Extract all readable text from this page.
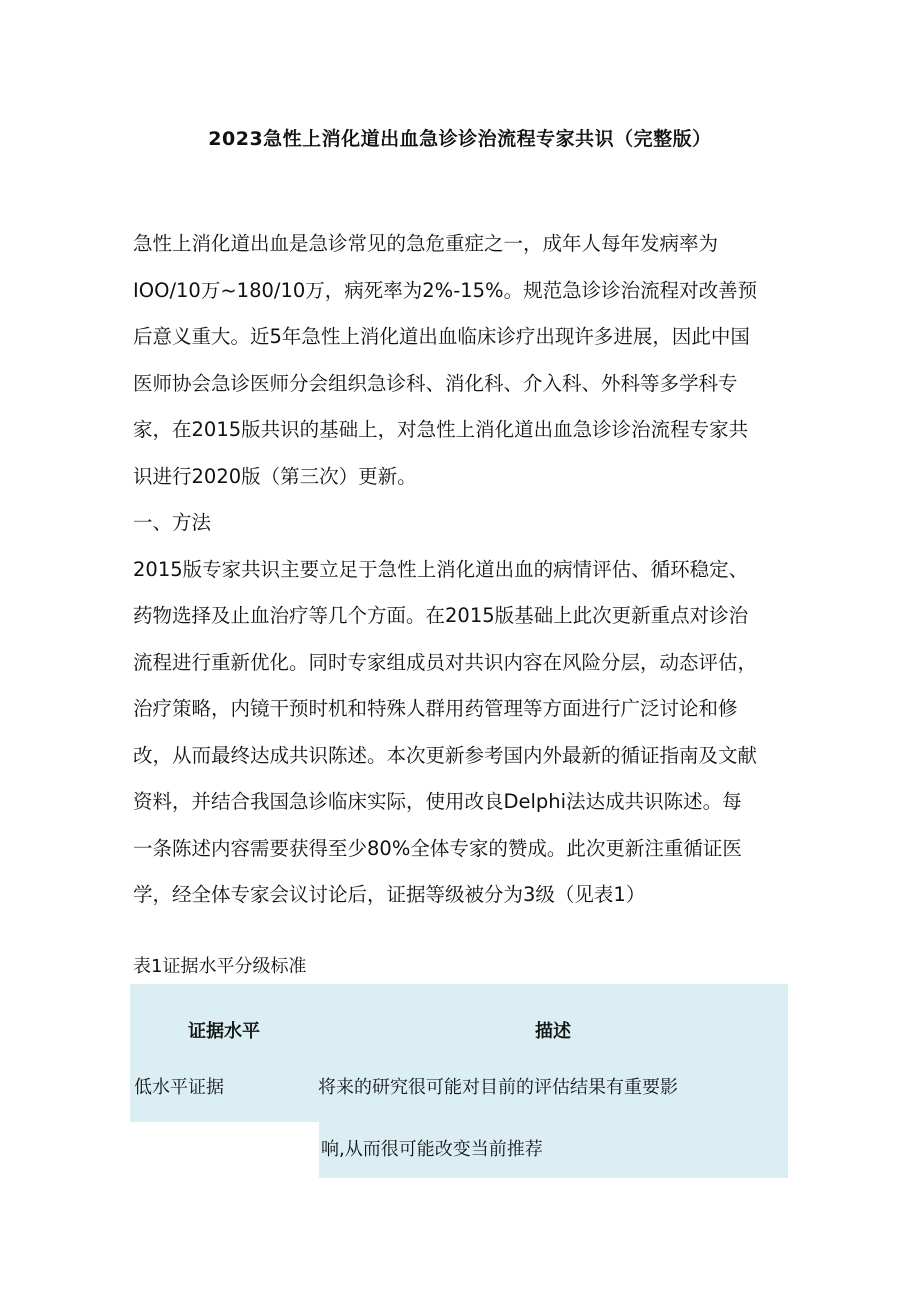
2023急性上消化道出血急诊诊治流程专家共识（完整版）
急性上消化道出血是急诊常见的急危重症之一，成年人每年发病率为
IOO/10万~180/10万，病死率为2%-15%。规范急诊诊治流程对改善预
后意义重大。近5年急性上消化道出血临床诊疗出现许多进展，因此中国
医师协会急诊医师分会组织急诊科、消化科、介入科、外科等多学科专
家，在2015版共识的基础上，对急性上消化道出血急诊诊治流程专家共
识进行2020版（第三次）更新。
一、方法
2015版专家共识主要立足于急性上消化道出血的病情评估、循环稳定、
药物选择及止血治疗等几个方面。在2015版基础上此次更新重点对诊治
流程进行重新优化。同时专家组成员对共识内容在风险分层，动态评估，
治疗策略，内镜干预时机和特殊人群用药管理等方面进行广泛讨论和修
改，从而最终达成共识陈述。本次更新参考国内外最新的循证指南及文献
资料，并结合我国急诊临床实际，使用改良Delphi法达成共识陈述。每
一条陈述内容需要获得至少80%全体专家的赞成。此次更新注重循证医
学，经全体专家会议讨论后，证据等级被分为3级（见表1）
表1证据水平分级标准
证据水平	描述
低水平证据	将来的研究很可能对目前的评估结果有重要影
响,从而很可能改变当前推荐
